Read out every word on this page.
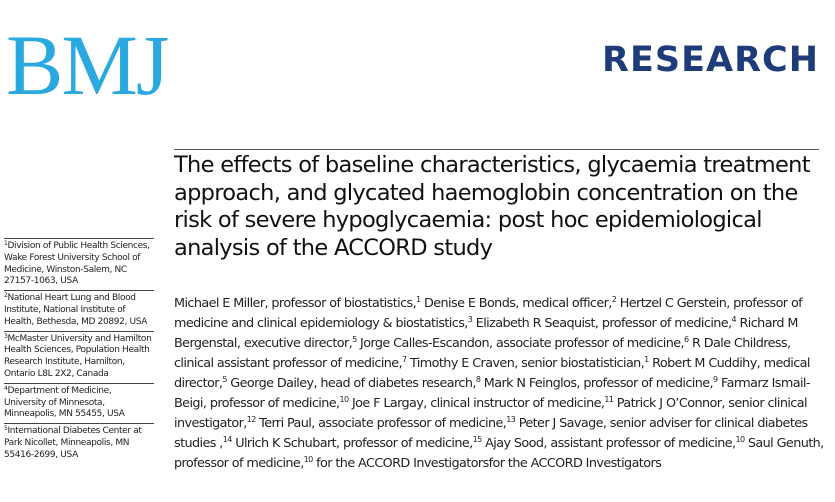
BMJ	RESEARCH
The effects of baseline characteristics, glycaemia treatment approach, and glycated haemoglobin concentration on the risk of severe hypoglycaemia: post hoc epidemiological analysis of the ACCORD study

Michael E Miller, professor of biostatistics,$^1$ Denise E Bonds, medical officer,$^2$ Hertzel C Gerstein, professor of medicine and clinical epidemiology & biostatistics,$^3$ Elizabeth R Seaquist, professor of medicine,$^4$ Richard M Bergenstal, executive director,$^5$ Jorge Calles-Escandon, associate professor of medicine,$^6$ R Dale Childress, clinical assistant professor of medicine,$^7$ Timothy E Craven, senior biostatistician,$^1$ Robert M Cuddihy, medical director,$^5$ George Dailey, head of diabetes research,$^8$ Mark N Feinglos, professor of medicine,$^9$ Farmarz Ismail-Beigi, professor of medicine,$^{10}$ Joe F Largay, clinical instructor of medicine,$^{11}$ Patrick J O’Connor, senior clinical investigator,$^{12}$ Terri Paul, associate professor of medicine,$^{13}$ Peter J Savage, senior adviser for clinical diabetes studies ,$^{14}$ Ulrich K Schubart, professor of medicine,$^{15}$ Ajay Sood, assistant professor of medicine,$^{10}$ Saul Genuth, professor of medicine,$^{10}$ for the ACCORD Investigatorsfor the ACCORD Investigators

$^1$Division of Public Health Sciences, Wake Forest University School of Medicine, Winston-Salem, NC 27157-1063, USA
$^2$National Heart Lung and Blood Institute, National Institute of Health, Bethesda, MD 20892, USA
$^3$McMaster University and Hamilton Health Sciences, Population Health Research Institute, Hamilton, Ontario L8L 2X2, Canada
$^4$Department of Medicine, University of Minnesota, Minneapolis, MN 55455, USA
$^5$International Diabetes Center at Park Nicollet, Minneapolis, MN 55416-2699, USA
